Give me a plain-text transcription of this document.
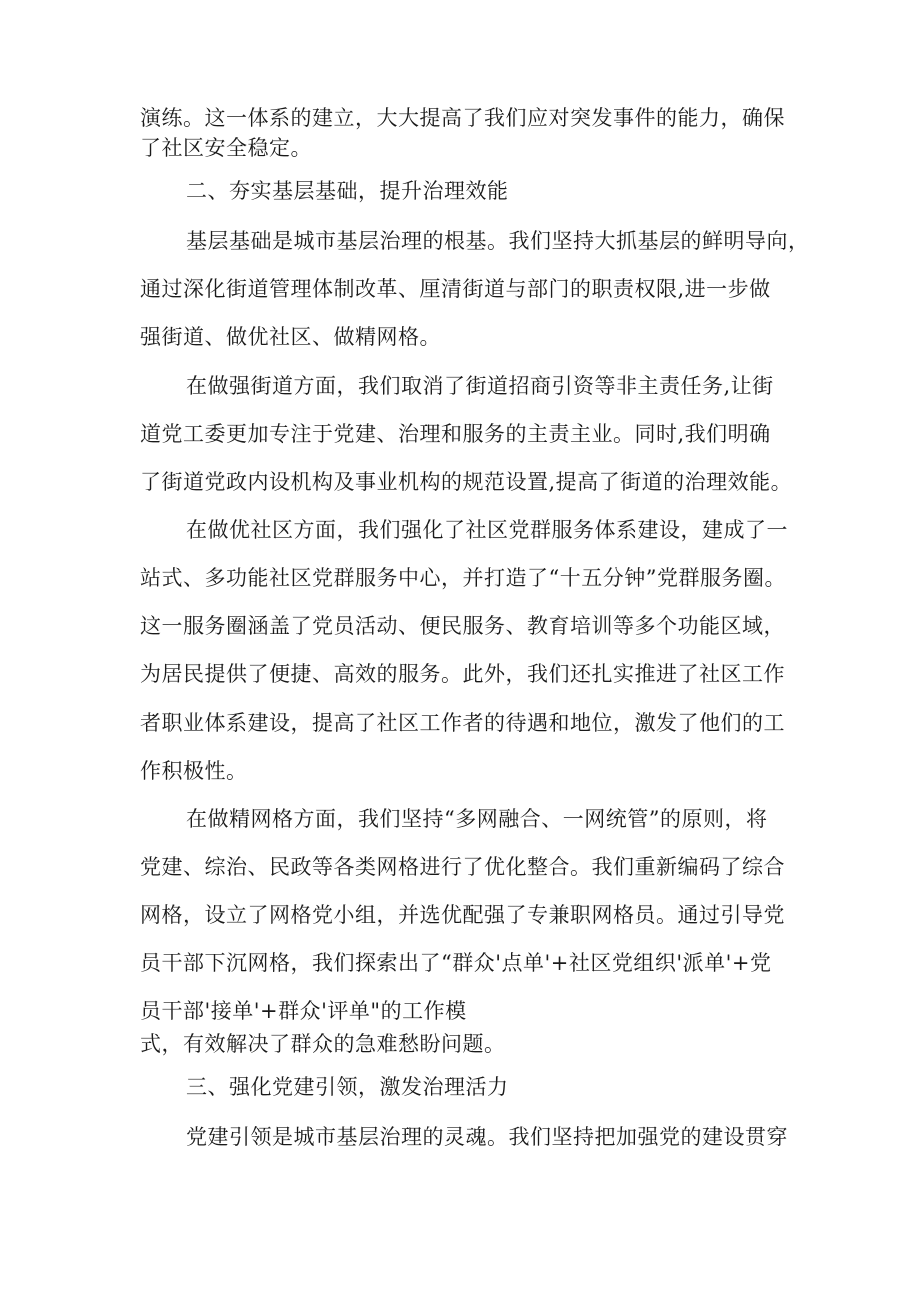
演练。这一体系的建立，大大提高了我们应对突发事件的能力，确保
了社区安全稳定。
二、夯实基层基础，提升治理效能
基层基础是城市基层治理的根基。我们坚持大抓基层的鲜明导向，
通过深化街道管理体制改革、厘清街道与部门的职责权限,进一步做
强街道、做优社区、做精网格。
在做强街道方面，我们取消了街道招商引资等非主责任务,让街
道党工委更加专注于党建、治理和服务的主责主业。同时,我们明确
了街道党政内设机构及事业机构的规范设置,提高了街道的治理效能。
在做优社区方面，我们强化了社区党群服务体系建设，建成了一
站式、多功能社区党群服务中心，并打造了“十五分钟”党群服务圈。
这一服务圈涵盖了党员活动、便民服务、教育培训等多个功能区域，
为居民提供了便捷、高效的服务。此外，我们还扎实推进了社区工作
者职业体系建设，提高了社区工作者的待遇和地位，激发了他们的工
作积极性。
在做精网格方面，我们坚持“多网融合、一网统管”的原则，将
党建、综治、民政等各类网格进行了优化整合。我们重新编码了综合
网格，设立了网格党小组，并选优配强了专兼职网格员。通过引导党
员干部下沉网格，我们探索出了“群众'点单'+社区党组织'派单'+党
员干部'接单'+群众'评单"的工作模
式，有效解决了群众的急难愁盼问题。
三、强化党建引领，激发治理活力
党建引领是城市基层治理的灵魂。我们坚持把加强党的建设贯穿
